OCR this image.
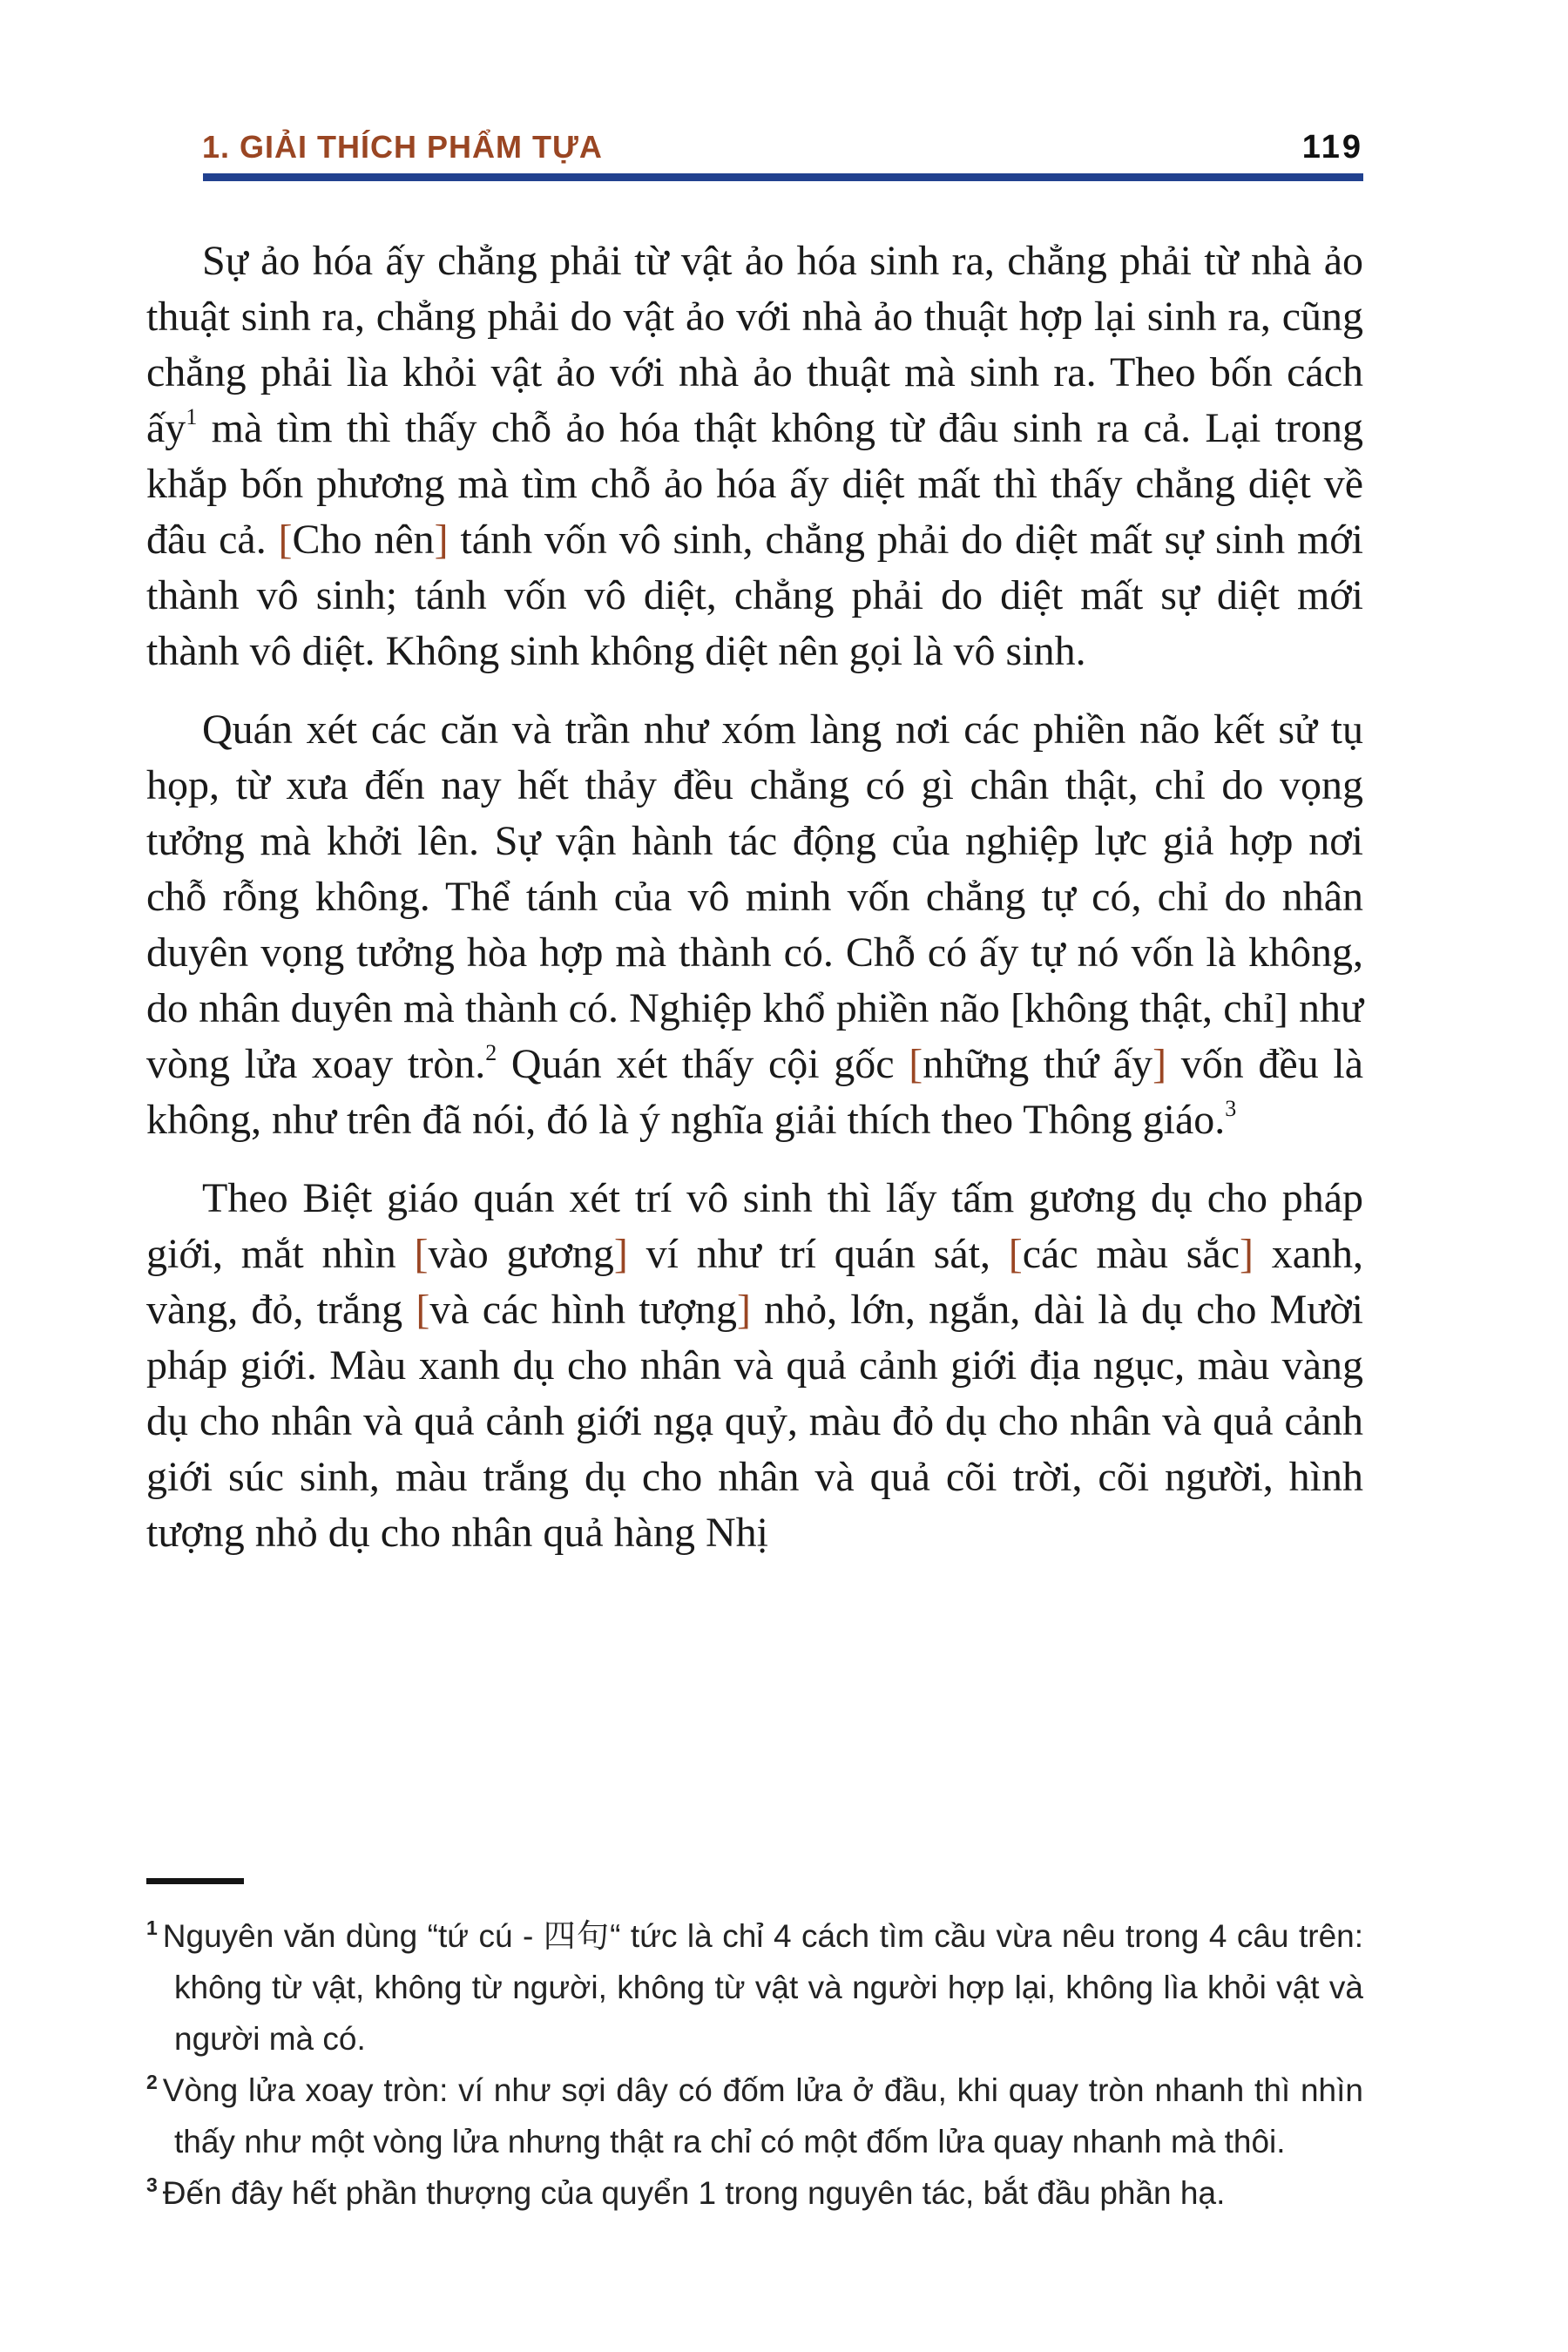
1. GIẢI THÍCH PHẨM TỰA	119

Sự ảo hóa ấy chẳng phải từ vật ảo hóa sinh ra, chẳng phải từ nhà ảo thuật sinh ra, chẳng phải do vật ảo với nhà ảo thuật hợp lại sinh ra, cũng chẳng phải lìa khỏi vật ảo với nhà ảo thuật mà sinh ra. Theo bốn cách ấy$^1$ mà tìm thì thấy chỗ ảo hóa thật không từ đâu sinh ra cả. Lại trong khắp bốn phương mà tìm chỗ ảo hóa ấy diệt mất thì thấy chẳng diệt về đâu cả. [Cho nên] tánh vốn vô sinh, chẳng phải do diệt mất sự sinh mới thành vô sinh; tánh vốn vô diệt, chẳng phải do diệt mất sự diệt mới thành vô diệt. Không sinh không diệt nên gọi là vô sinh.

Quán xét các căn và trần như xóm làng nơi các phiền não kết sử tụ họp, từ xưa đến nay hết thảy đều chẳng có gì chân thật, chỉ do vọng tưởng mà khởi lên. Sự vận hành tác động của nghiệp lực giả hợp nơi chỗ rỗng không. Thể tánh của vô minh vốn chẳng tự có, chỉ do nhân duyên vọng tưởng hòa hợp mà thành có. Chỗ có ấy tự nó vốn là không, do nhân duyên mà thành có. Nghiệp khổ phiền não [không thật, chỉ] như vòng lửa xoay tròn.$^2$ Quán xét thấy cội gốc [những thứ ấy] vốn đều là không, như trên đã nói, đó là ý nghĩa giải thích theo Thông giáo.$^3$

Theo Biệt giáo quán xét trí vô sinh thì lấy tấm gương dụ cho pháp giới, mắt nhìn [vào gương] ví như trí quán sát, [các màu sắc] xanh, vàng, đỏ, trắng [và các hình tượng] nhỏ, lớn, ngắn, dài là dụ cho Mười pháp giới. Màu xanh dụ cho nhân và quả cảnh giới địa ngục, màu vàng dụ cho nhân và quả cảnh giới ngạ quỷ, màu đỏ dụ cho nhân và quả cảnh giới súc sinh, màu trắng dụ cho nhân và quả cõi trời, cõi người, hình tượng nhỏ dụ cho nhân quả hàng Nhị

$^1$ Nguyên văn dùng “tứ cú - 四句“ tức là chỉ 4 cách tìm cầu vừa nêu trong 4 câu trên: không từ vật, không từ người, không từ vật và người hợp lại, không lìa khỏi vật và người mà có.
$^2$ Vòng lửa xoay tròn: ví như sợi dây có đốm lửa ở đầu, khi quay tròn nhanh thì nhìn thấy như một vòng lửa nhưng thật ra chỉ có một đốm lửa quay nhanh mà thôi.
$^3$ Đến đây hết phần thượng của quyển 1 trong nguyên tác, bắt đầu phần hạ.
